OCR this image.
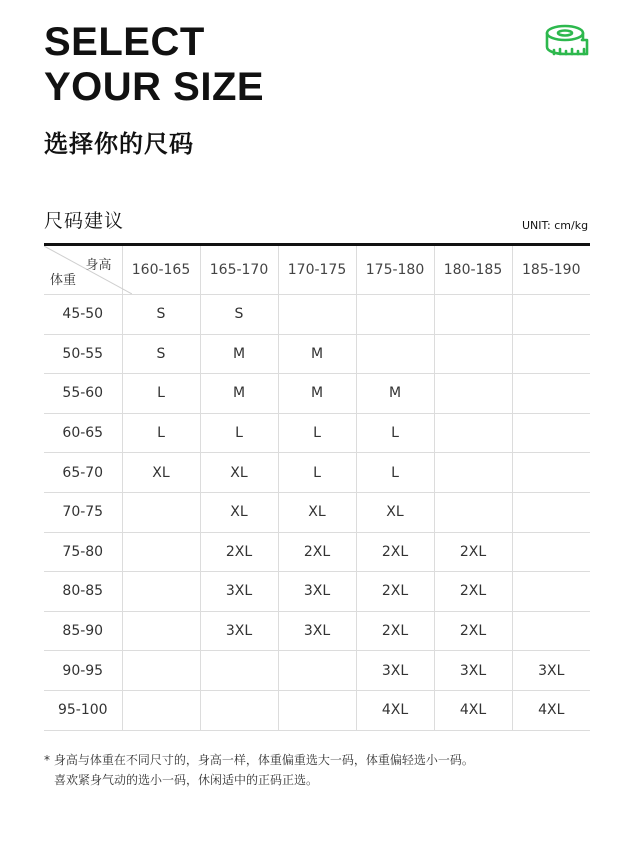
SELECT
YOUR SIZE
选择你的尺码
尺码建议	UNIT: cm/kg
身高
体重	160-165	165-170	170-175	175-180	180-185	185-190
45-50	S	S				
50-55	S	M	M			
55-60	L	M	M	M		
60-65	L	L	L	L		
65-70	XL	XL	L	L		
70-75		XL	XL	XL		
75-80		2XL	2XL	2XL	2XL	
80-85		3XL	3XL	2XL	2XL	
85-90		3XL	3XL	2XL	2XL	
90-95				3XL	3XL	3XL
95-100				4XL	4XL	4XL
* 身高与体重在不同尺寸的，身高一样，体重偏重选大一码，体重偏轻选小一码。
喜欢紧身气动的选小一码，休闲适中的正码正选。
